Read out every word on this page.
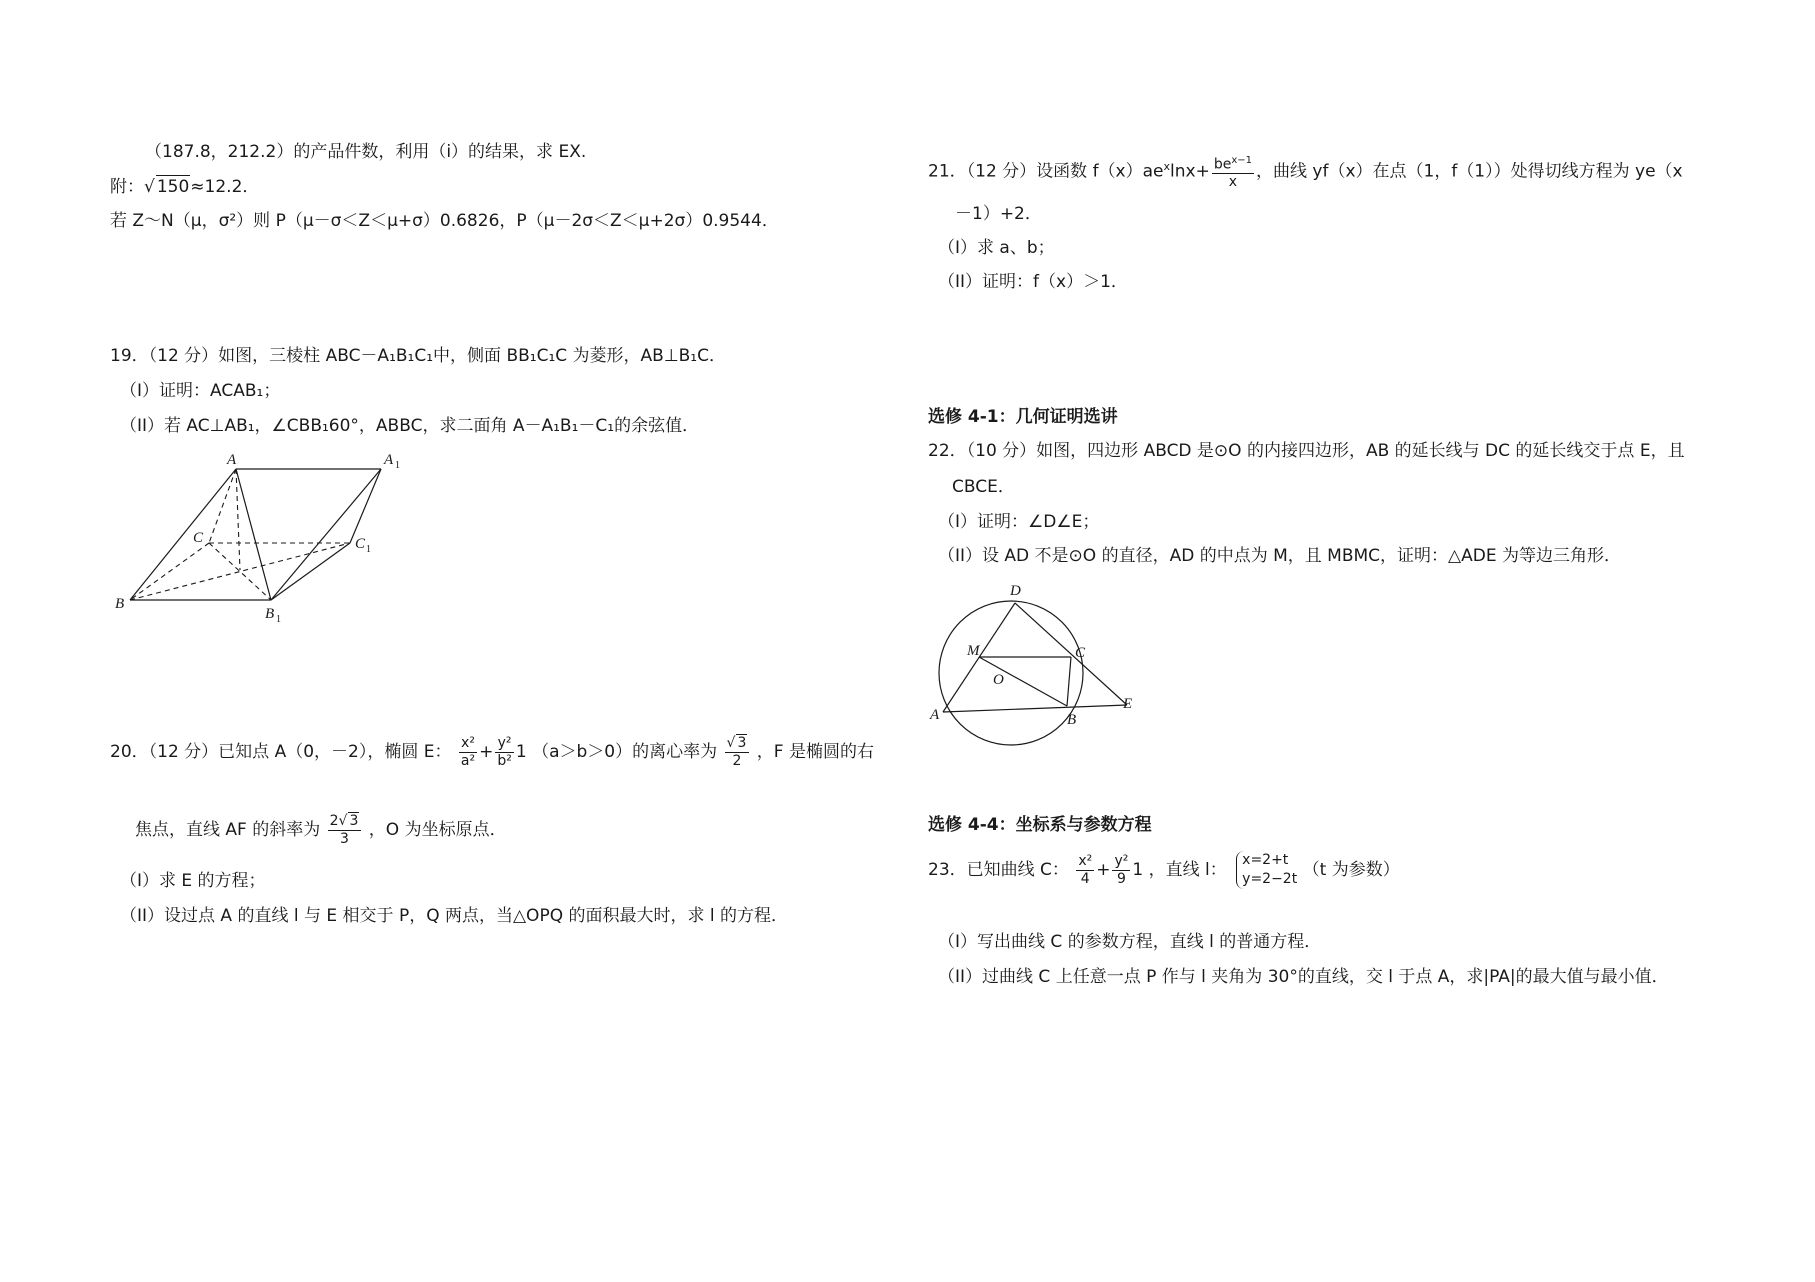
（187.8，212.2）的产品件数，利用（i）的结果，求 EX.
附：√ 150≈12.2．
若 Z～N（μ，σ²）则 P（μ－σ＜Z＜μ+σ）0.6826，P（μ－2σ＜Z＜μ+2σ）0.9544．
19．（12 分）如图，三棱柱 ABC－A₁B₁C₁中，侧面 BB₁C₁C 为菱形，AB⊥B₁C．
（I）证明：ACAB₁；
（II）若 AC⊥AB₁，∠CBB₁60°，ABBC，求二面角 A－A₁B₁－C₁的余弦值．
A	A 1
C	C 1
B
B 1
20．（12 分）已知点 A（0，－2），椭圆 E： $\frac{\text{x²}}{\text{a²}} + \frac{\text{y²}}{\text{b²}} 1$ （a＞b＞0）的离心率为 $\frac{√ 3}{2}$ ，F 是椭圆的右
焦点，直线 AF 的斜率为 $\frac{2√ 3}{3}$ ，O 为坐标原点．
（I）求 E 的方程；
（II）设过点 A 的直线 l 与 E 相交于 P，Q 两点，当△OPQ 的面积最大时，求 l 的方程．
21．（12 分）设函数 $f(x)ae^x\ln x+ \frac{be^{x-1}}{x}$ ，曲线 yf（x）在点（1，f（1））处得切线方程为 ye（x
－1）+2．
（I）求 a、b；
（II）证明：f（x）＞1．
选修 4-1：几何证明选讲
22．（10 分）如图，四边形 ABCD 是⊙O 的内接四边形，AB 的延长线与 DC 的延长线交于点 E，且
CBCE．
（I）证明：∠D∠E；
（II）设 AD 不是⊙O 的直径，AD 的中点为 M，且 MBMC，证明：△ADE 为等边三角形．
D
M	C
O
A	B
E
选修 4-4：坐标系与参数方程
23．已知曲线 C： $\frac{\text{x²}}{4} + \frac{\text{y²}}{9} 1$ ，直线 l： x=2+t
y=2−2t （t 为参数）
（I）写出曲线 C 的参数方程，直线 l 的普通方程．
（II）过曲线 C 上任意一点 P 作与 l 夹角为 30°的直线，交 l 于点 A，求|PA|的最大值与最小值．
